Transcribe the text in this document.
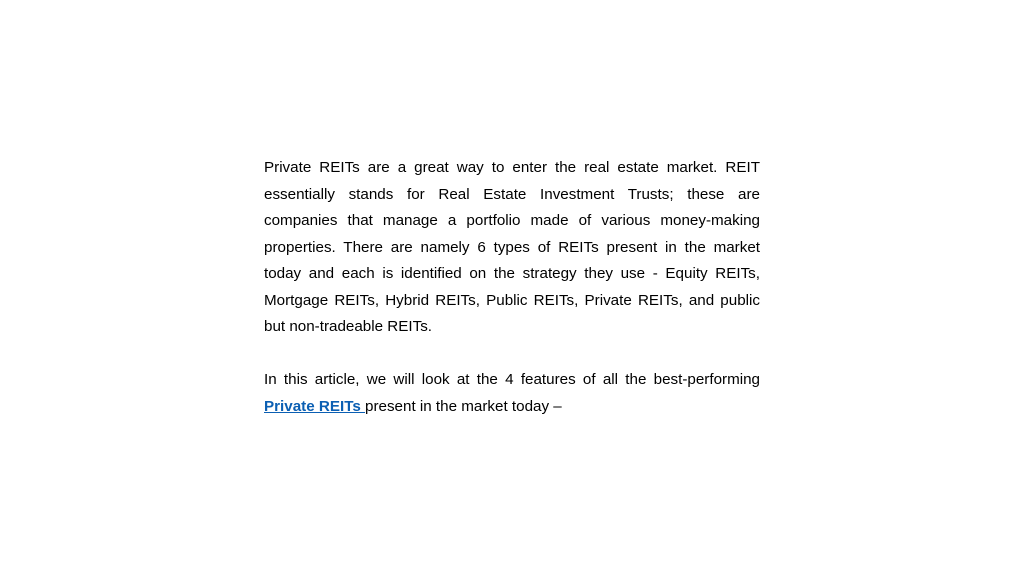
Private REITs are a great way to enter the real estate market. REIT essentially stands for Real Estate Investment Trusts; these are companies that manage a portfolio made of various money-making properties. There are namely 6 types of REITs present in the market today and each is identified on the strategy they use - Equity REITs, Mortgage REITs, Hybrid REITs, Public REITs, Private REITs, and public but non-tradeable REITs.

In this article, we will look at the 4 features of all the best-performing Private REITs present in the market today –
